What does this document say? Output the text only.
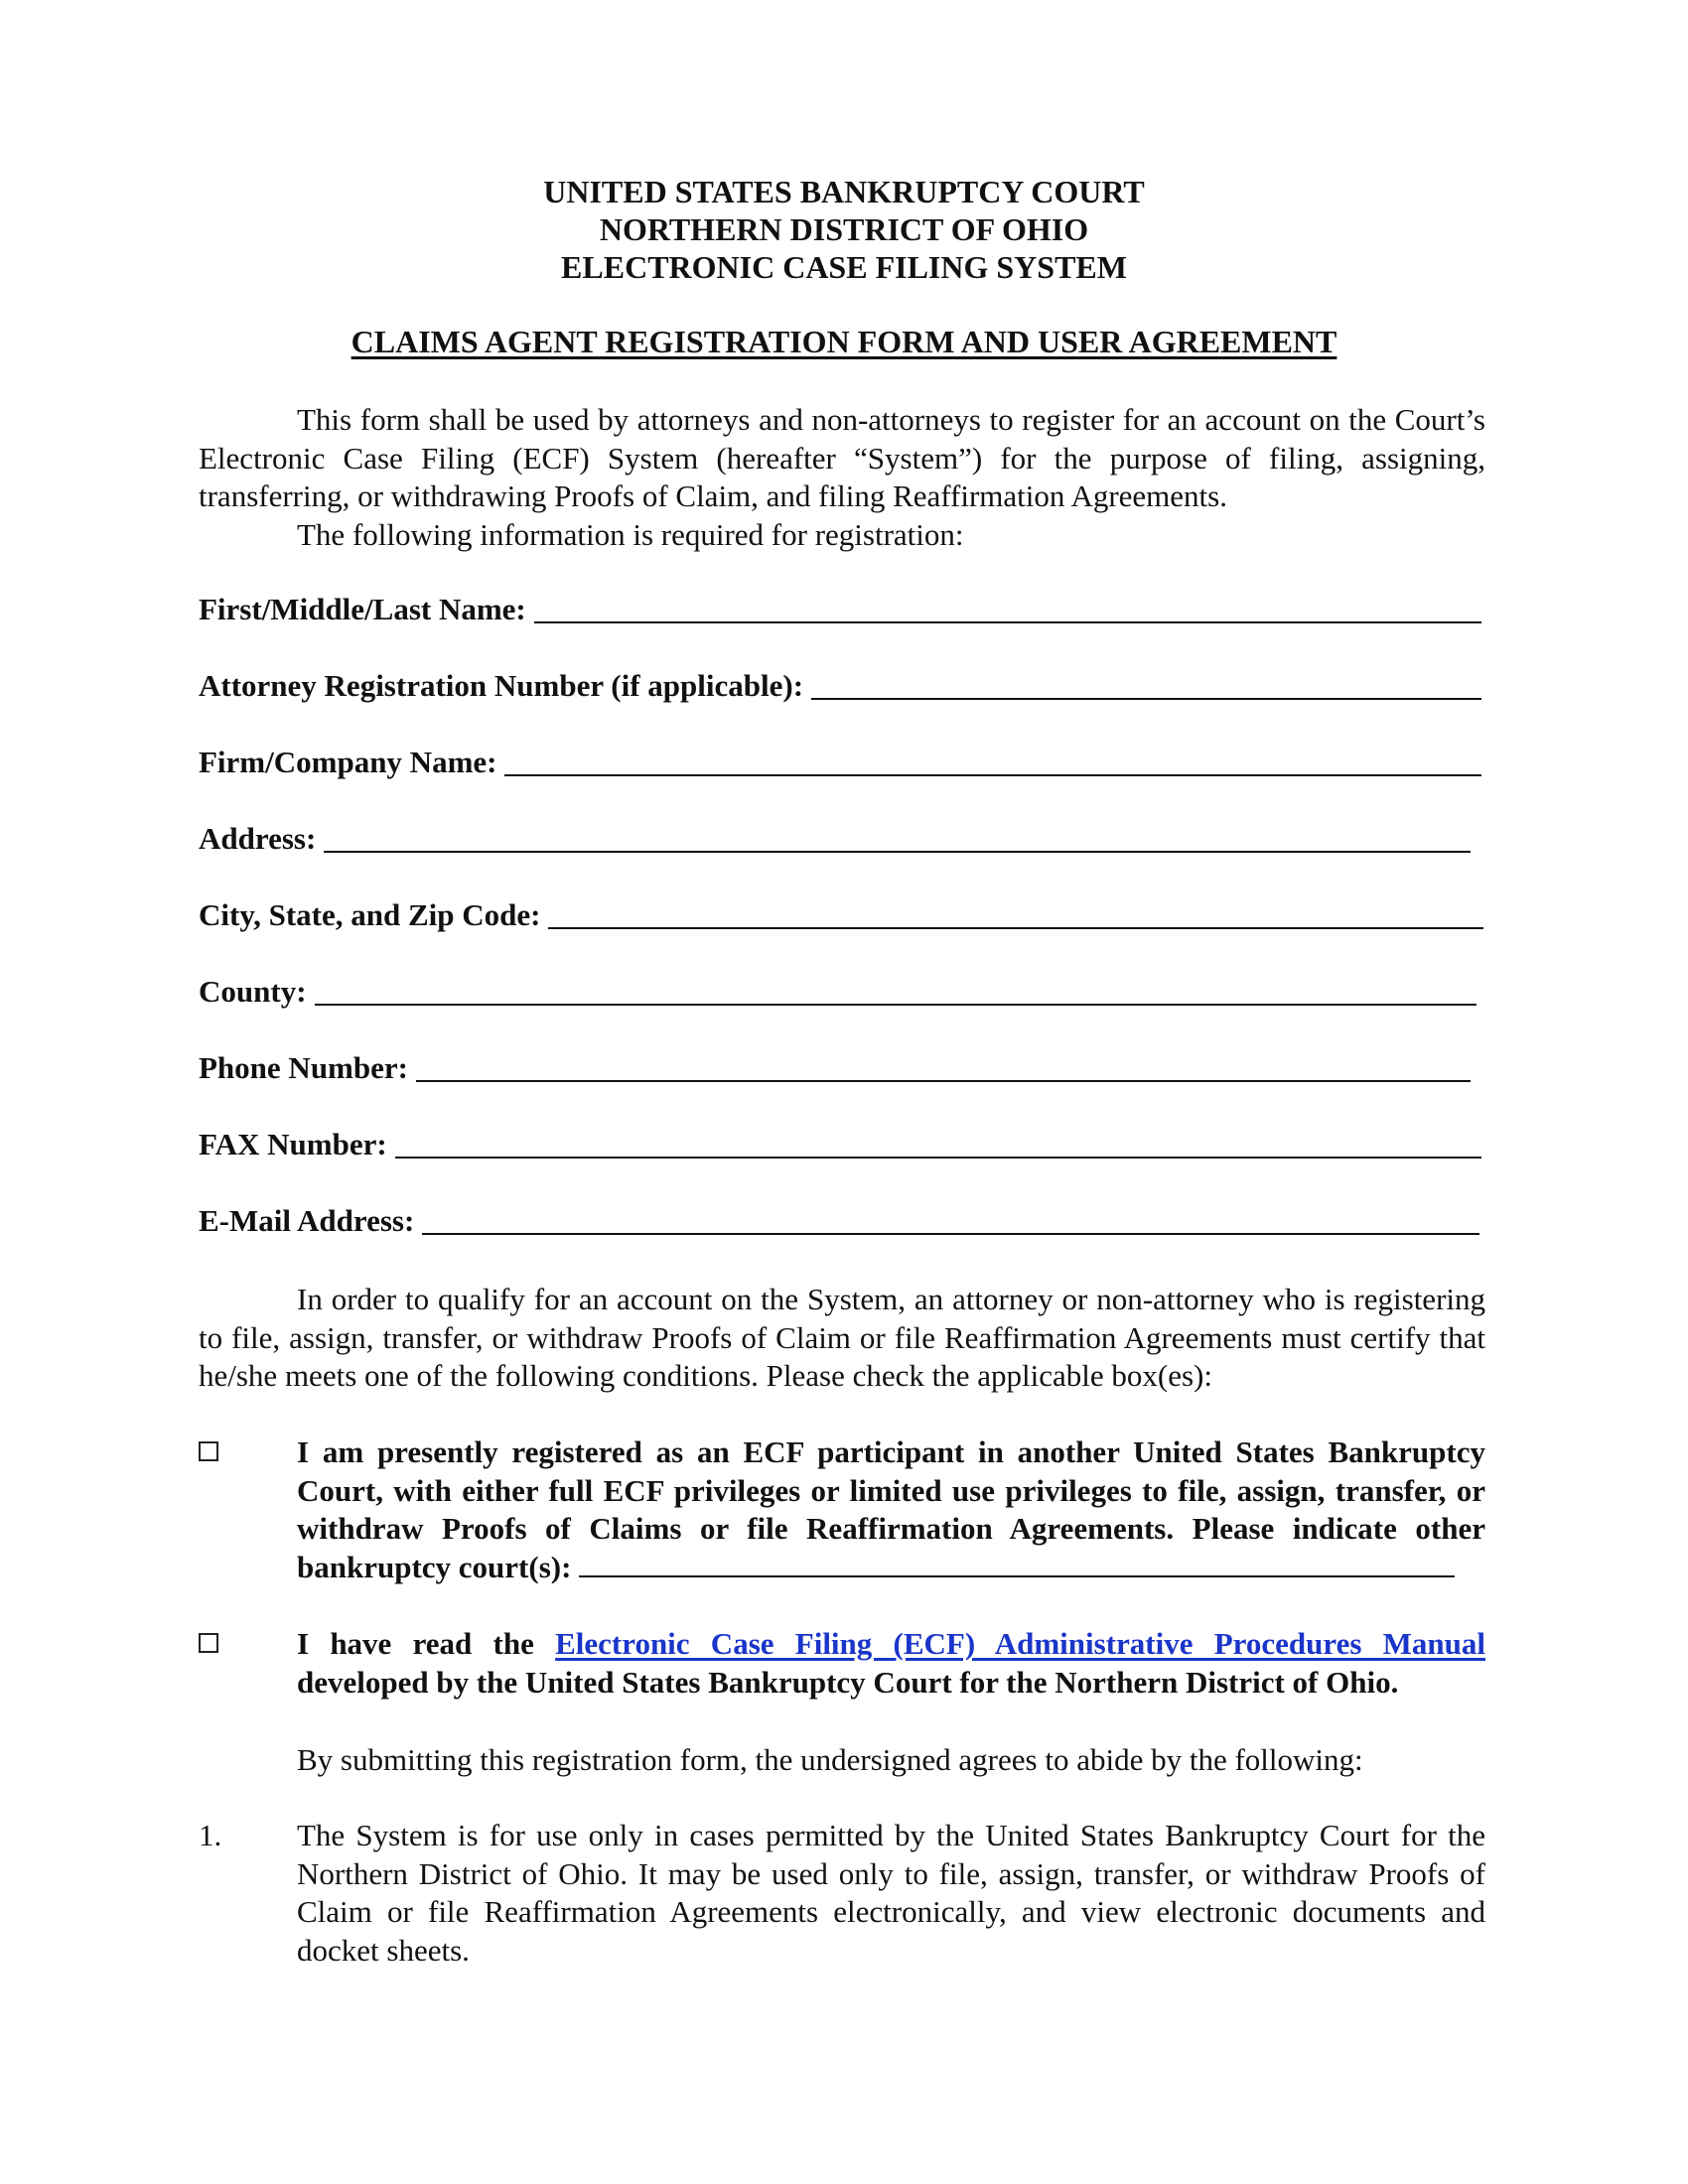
UNITED STATES BANKRUPTCY COURT
NORTHERN DISTRICT OF OHIO
ELECTRONIC CASE FILING SYSTEM
CLAIMS AGENT REGISTRATION FORM AND USER AGREEMENT

This form shall be used by attorneys and non-attorneys to register for an account on the Court’s Electronic Case Filing (ECF) System (hereafter “System”) for the purpose of filing, assigning, transferring, or withdrawing Proofs of Claim, and filing Reaffirmation Agreements.

The following information is required for registration:

First/Middle/Last Name:
Attorney Registration Number (if applicable):
Firm/Company Name:
Address:
City, State, and Zip Code:
County:
Phone Number:
FAX Number:
E-Mail Address:

In order to qualify for an account on the System, an attorney or non-attorney who is registering to file, assign, transfer, or withdraw Proofs of Claim or file Reaffirmation Agreements must certify that he/she meets one of the following conditions. Please check the applicable box(es):

I am presently registered as an ECF participant in another United States Bankruptcy Court, with either full ECF privileges or limited use privileges to file, assign, transfer, or withdraw Proofs of Claims or file Reaffirmation Agreements. Please indicate other bankruptcy court(s):

I have read the Electronic Case Filing (ECF) Administrative Procedures Manual developed by the United States Bankruptcy Court for the Northern District of Ohio.

By submitting this registration form, the undersigned agrees to abide by the following:

1. The System is for use only in cases permitted by the United States Bankruptcy Court for the Northern District of Ohio. It may be used only to file, assign, transfer, or withdraw Proofs of Claim or file Reaffirmation Agreements electronically, and view electronic documents and docket sheets.
